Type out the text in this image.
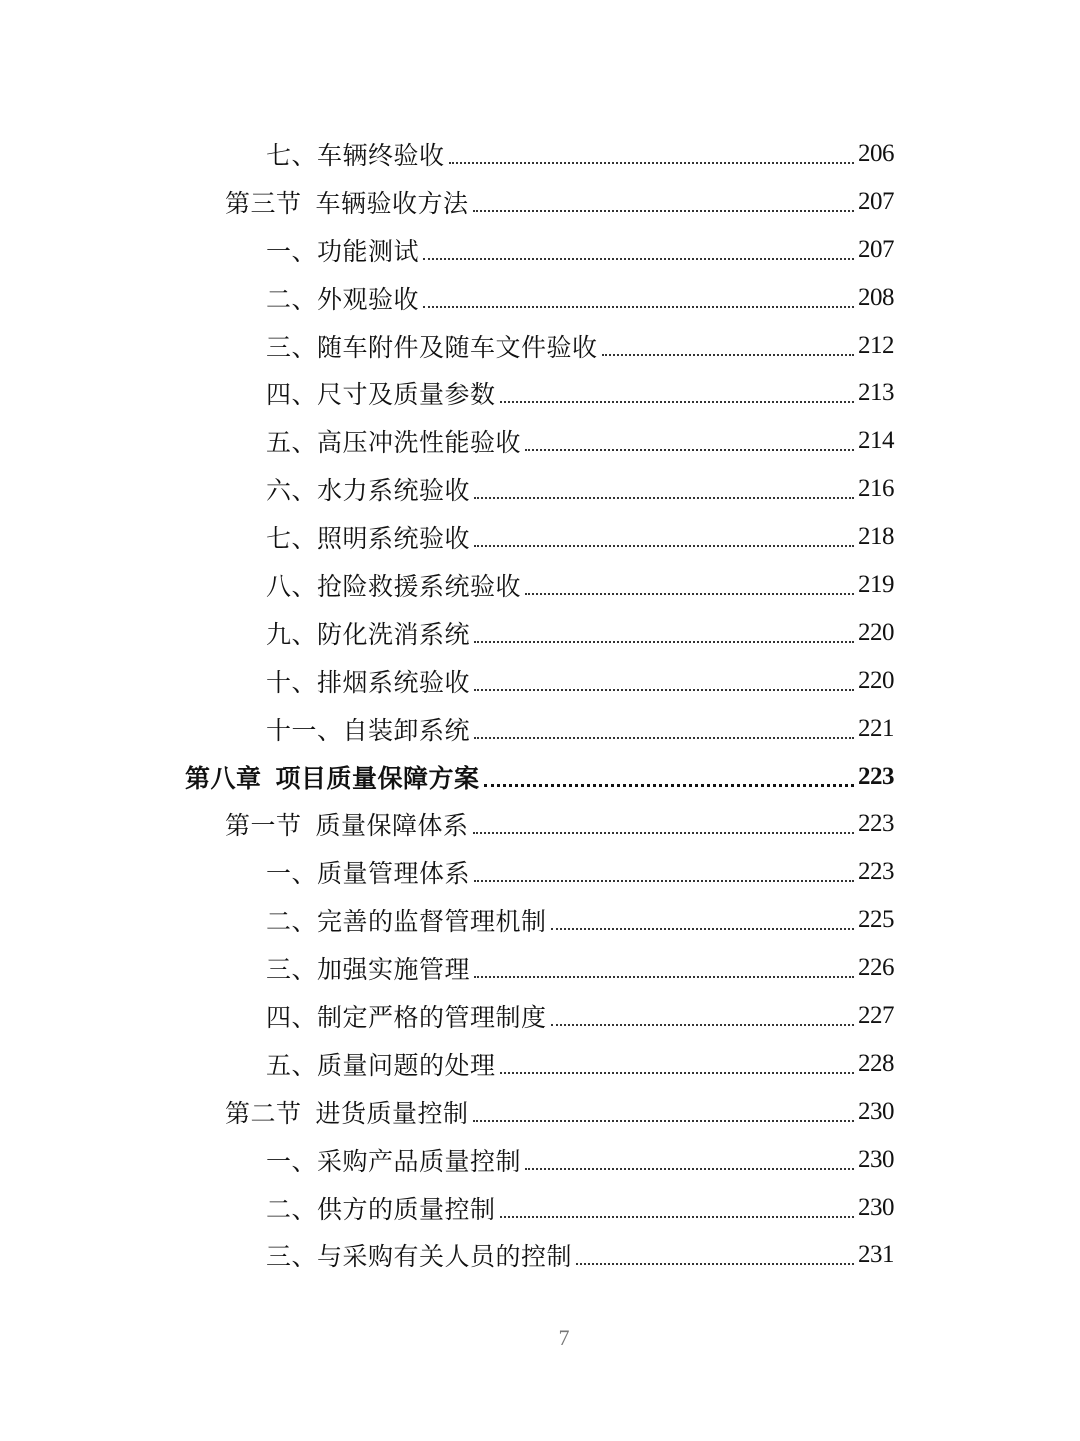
七、车辆终验收	206
第三节 车辆验收方法	207
一、功能测试	207
二、外观验收	208
三、随车附件及随车文件验收	212
四、尺寸及质量参数	213
五、高压冲洗性能验收	214
六、水力系统验收	216
七、照明系统验收	218
八、抢险救援系统验收	219
九、防化洗消系统	220
十、排烟系统验收	220
十一、自装卸系统	221
第八章 项目质量保障方案	223
第一节 质量保障体系	223
一、质量管理体系	223
二、完善的监督管理机制	225
三、加强实施管理	226
四、制定严格的管理制度	227
五、质量问题的处理	228
第二节 进货质量控制	230
一、采购产品质量控制	230
二、供方的质量控制	230
三、与采购有关人员的控制	231
7
